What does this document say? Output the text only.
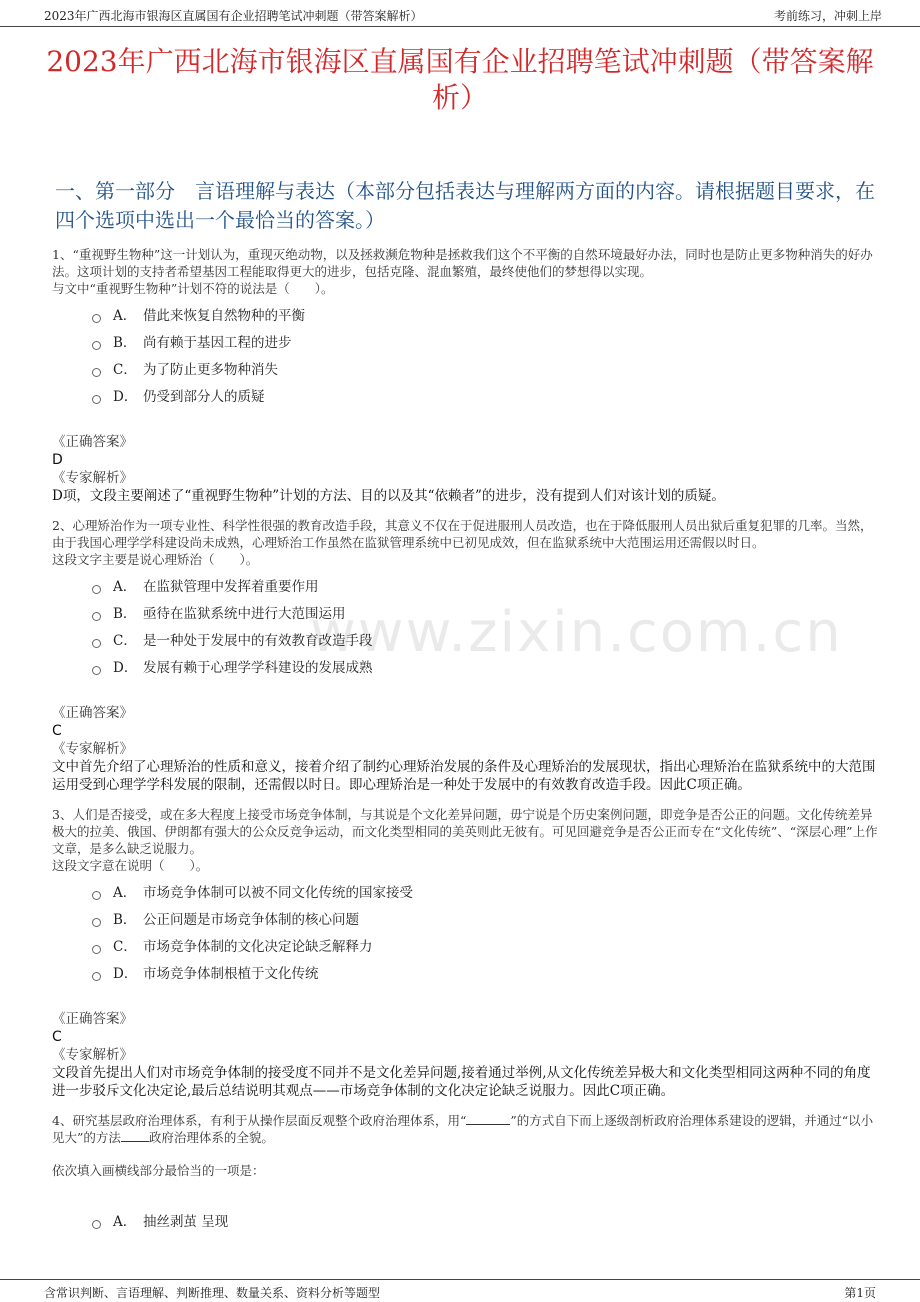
2023年广西北海市银海区直属国有企业招聘笔试冲刺题（带答案解析）	考前练习，冲刺上岸
2023年广西北海市银海区直属国有企业招聘笔试冲刺题（带答案解析）
一、第一部分　言语理解与表达（本部分包括表达与理解两方面的内容。请根据题目要求，在四个选项中选出一个最恰当的答案。）
www.zixin.com.cn

1、“重视野生物种”这一计划认为，重现灭绝动物，以及拯救濒危物种是拯救我们这个不平衡的自然环境最好办法，同时也是防止更多物种消失的好办法。这项计划的支持者希望基因工程能取得更大的进步，包括克隆、混血繁殖，最终使他们的梦想得以实现。

与文中“重视野生物种”计划不符的说法是（　　）。

A． 借此来恢复自然物种的平衡
B． 尚有赖于基因工程的进步
C． 为了防止更多物种消失
D． 仍受到部分人的质疑
《正确答案》
D
《专家解析》
D项，文段主要阐述了“重视野生物种”计划的方法、目的以及其“依赖者”的进步，没有提到人们对该计划的质疑。

2、心理矫治作为一项专业性、科学性很强的教育改造手段，其意义不仅在于促进服刑人员改造，也在于降低服刑人员出狱后重复犯罪的几率。当然，由于我国心理学学科建设尚未成熟，心理矫治工作虽然在监狱管理系统中已初见成效，但在监狱系统中大范围运用还需假以时日。

这段文字主要是说心理矫治（　　）。

A． 在监狱管理中发挥着重要作用
B． 亟待在监狱系统中进行大范围运用
C． 是一种处于发展中的有效教育改造手段
D． 发展有赖于心理学学科建设的发展成熟
《正确答案》
C
《专家解析》
文中首先介绍了心理矫治的性质和意义，接着介绍了制约心理矫治发展的条件及心理矫治的发展现状，指出心理矫治在监狱系统中的大范围运用受到心理学学科发展的限制，还需假以时日。即心理矫治是一种处于发展中的有效教育改造手段。因此C项正确。

3、人们是否接受，或在多大程度上接受市场竞争体制，与其说是个文化差异问题，毋宁说是个历史案例问题，即竞争是否公正的问题。文化传统差异极大的拉美、俄国、伊朗都有强大的公众反竞争运动，而文化类型相同的美英则此无彼有。可见回避竞争是否公正而专在“文化传统”、“深层心理”上作文章，是多么缺乏说服力。

这段文字意在说明（　　）。

A． 市场竞争体制可以被不同文化传统的国家接受
B． 公正问题是市场竞争体制的核心问题
C． 市场竞争体制的文化决定论缺乏解释力
D． 市场竞争体制根植于文化传统
《正确答案》
C
《专家解析》
文段首先提出人们对市场竞争体制的接受度不同并不是文化差异问题,接着通过举例,从文化传统差异极大和文化类型相同这两种不同的角度进一步驳斥文化决定论,最后总结说明其观点——市场竞争体制的文化决定论缺乏说服力。因此C项正确。

4、研究基层政府治理体系，有利于从操作层面反观整个政府治理体系，用“	”的方式自下而上逐级剖析政府治理体系建设的逻辑，并通过“以小见大”的方法 政府治理体系的全貌。

依次填入画横线部分最恰当的一项是：

A． 抽丝剥茧 呈现
含常识判断、言语理解、判断推理、数量关系、资料分析等题型	第1页
